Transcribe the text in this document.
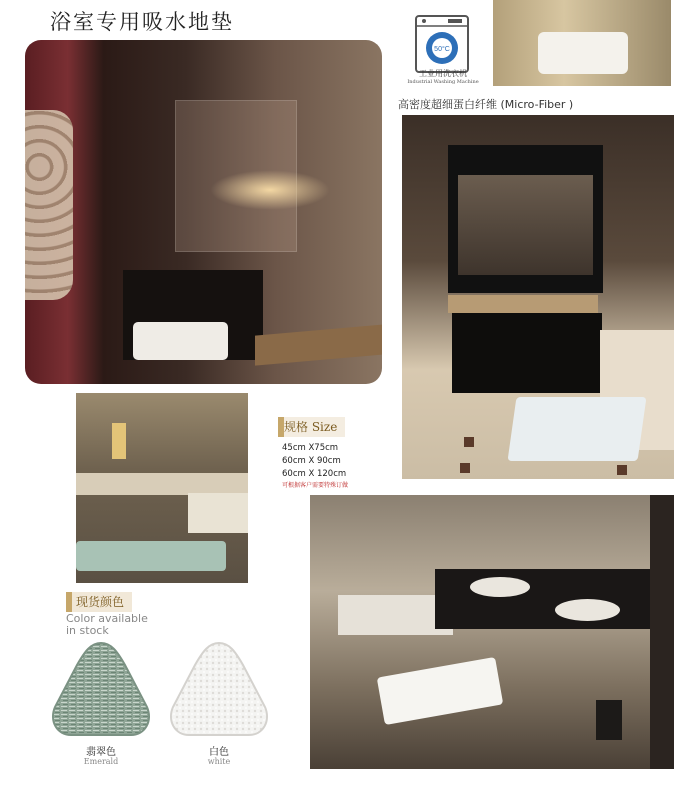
浴室专用吸水地垫
50°C
工业用洗衣机
Industrial Washing Machine
高密度超细蛋白纤维 (Micro-Fiber )
规格 Size
45cm X75cm
60cm X 90cm
60cm X 120cm
可根据客户需要特殊订做
现货颜色
Color available
in stock
翡翠色
Emerald
白色
white
